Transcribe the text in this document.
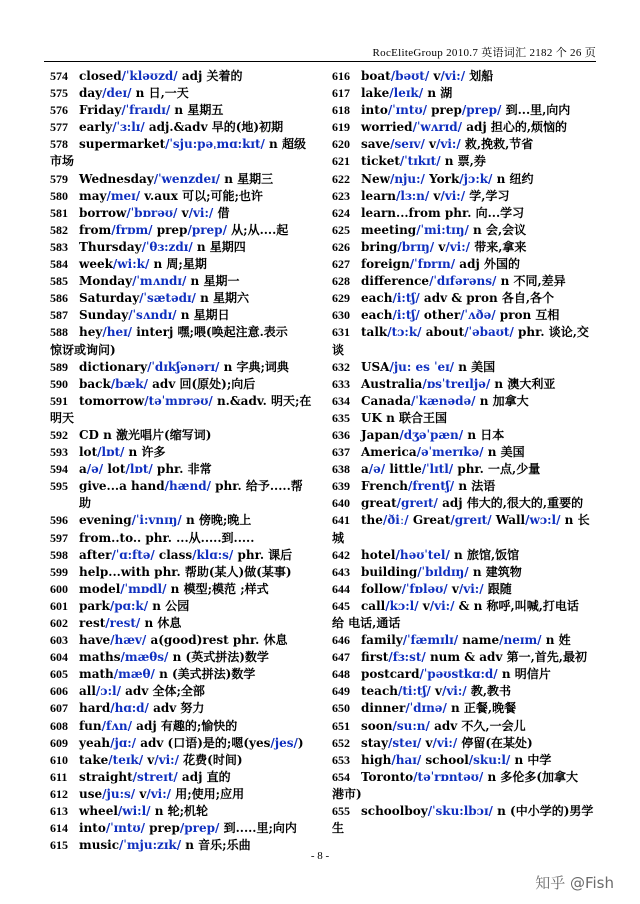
RocEliteGroup 2010.7 英语词汇 2182 个 26 页
574 closed/ˈkləʊzd/ adj 关着的
575 day/deɪ/ n 日,一天
576 Friday/ˈfraɪdɪ/ n 星期五
577 early/ˈɜ:lɪ/ adj.&adv 早的(地)初期
578 supermarket/ˈsju:pəˌmɑ:kɪt/ n 超级
市场
579 Wednesday/ˈwenzdeɪ/ n 星期三
580 may/meɪ/ v.aux 可以;可能;也许
581 borrow/ˈbɒrəʊ/ v/vi:/ 借
582 from/frɒm/ prep/prep/ 从;从....起
583 Thursday/ˈθɜ:zdɪ/ n 星期四
584 week/wi:k/ n 周;星期
585 Monday/ˈmʌndɪ/ n 星期一
586 Saturday/ˈsætədɪ/ n 星期六
587 Sunday/ˈsʌndɪ/ n 星期日
588 hey/heɪ/ interj 嘿;喂(唤起注意.表示
惊讶或询问)
589 dictionary/ˈdɪkʃənərɪ/ n 字典;词典
590 back/bæk/ adv 回(原处);向后
591 tomorrow/təˈmɒrəʊ/ n.&adv. 明天;在
明天
592 CD n 激光唱片(缩写词)
593 lot/lɒt/ n 许多
594 a/ə/ lot/lɒt/ phr. 非常
595 give...a hand/hænd/ phr. 给予.....帮助
596 evening/ˈi:vnɪŋ/ n 傍晚;晚上
597 from..to.. phr. ...从.....到.....
598 after/ˈɑ:ftə/ class/klɑ:s/ phr. 课后
599 help...with phr. 帮助(某人)做(某事)
600 model/ˈmɒdl/ n 模型;模范 ;样式
601 park/pɑ:k/ n 公园
602 rest/rest/ n 休息
603 have/hæv/ a(good)rest phr. 休息
604 maths/mæθs/ n (英式拼法)数学
605 math/mæθ/ n (美式拼法)数学
606 all/ɔ:l/ adv 全体;全部
607 hard/hɑ:d/ adv 努力
608 fun/fʌn/ adj 有趣的;愉快的
609 yeah/jɑ:/ adv (口语)是的;嗯(yes/jes/)
610 take/teɪk/ v/vi:/ 花费(时间)
611 straight/streɪt/ adj 直的
612 use/ju:s/ v/vi:/ 用;使用;应用
613 wheel/wi:l/ n 轮;机轮
614 into/ˈɪntʊ/ prep/prep/ 到.....里;向内
615 music/ˈmju:zɪk/ n 音乐;乐曲
616 boat/bəʊt/ v/vi:/ 划船
617 lake/leɪk/ n 湖
618 into/ˈɪntʊ/ prep/prep/ 到...里,向内
619 worried/ˈwʌrɪd/ adj 担心的,烦恼的
620 save/seɪv/ v/vi:/ 救,挽救,节省
621 ticket/ˈtɪkɪt/ n 票,券
622 New/nju:/ York/jɔ:k/ n 纽约
623 learn/lɜ:n/ v/vi:/ 学,学习
624 learn...from phr. 向...学习
625 meeting/ˈmi:tɪŋ/ n 会,会议
626 bring/brɪŋ/ v/vi:/ 带来,拿来
627 foreign/ˈfɒrɪn/ adj 外国的
628 difference/ˈdɪfərəns/ n 不同,差异
629 each/i:tʃ/ adv & pron 各自,各个
630 each/i:tʃ/ other/ˈʌðə/ pron 互相
631 talk/tɔ:k/ about/ˈəbaʊt/ phr. 谈论,交
谈
632 USA/ju: es ˈeɪ/ n 美国
633 Australia/ɒsˈtreɪljə/ n 澳大利亚
634 Canada/ˈkænədə/ n 加拿大
635 UK n 联合王国
636 Japan/dʒəˈpæn/ n 日本
637 America/əˈmerɪkə/ n 美国
638 a/ə/ little/ˈlɪtl/ phr. 一点,少量
639 French/frentʃ/ n 法语
640 great/greɪt/ adj 伟大的,很大的,重要的
641 the/ðiː/ Great/greɪt/ Wall/wɔ:l/ n 长
城
642 hotel/həʊˈtel/ n 旅馆,饭馆
643 building/ˈbɪldɪŋ/ n 建筑物
644 follow/ˈfɒləʊ/ v/vi:/ 跟随
645 call/kɔ:l/ v/vi:/ & n 称呼,叫喊,打电话
给 电话,通话
646 family/ˈfæmɪlɪ/ name/neɪm/ n 姓
647 first/fɜ:st/ num & adv 第一,首先,最初
648 postcard/ˈpəʊstkɑ:d/ n 明信片
649 teach/ti:tʃ/ v/vi:/ 教,教书
650 dinner/ˈdɪnə/ n 正餐,晚餐
651 soon/su:n/ adv 不久,一会儿
652 stay/steɪ/ v/vi:/ 停留(在某处)
653 high/haɪ/ school/sku:l/ n 中学
654 Toronto/təˈrɒntəʊ/ n 多伦多(加拿大
港市)
655 schoolboy/ˈsku:lbɔɪ/ n (中小学的)男学
生
- 8 -
知乎 @Fish
